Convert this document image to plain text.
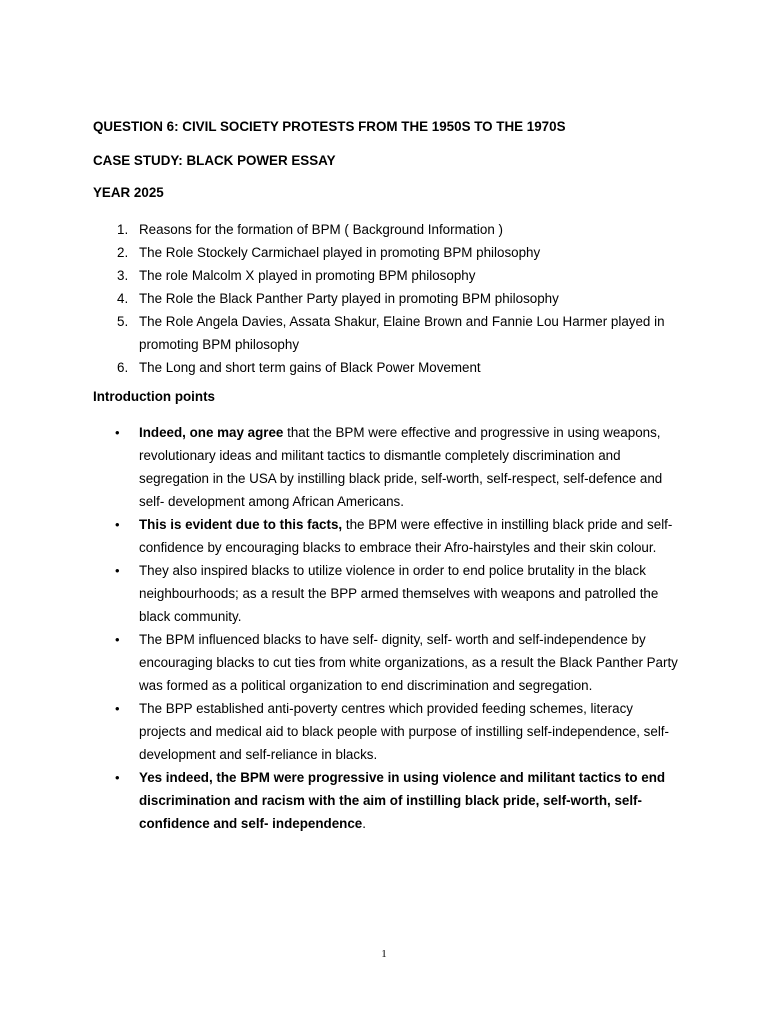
QUESTION 6: CIVIL SOCIETY PROTESTS FROM THE 1950S TO THE 1970S

CASE STUDY: BLACK POWER ESSAY

YEAR 2025

1. Reasons for the formation of BPM ( Background Information )
2. The Role Stockely Carmichael played in promoting BPM philosophy
3. The role Malcolm X played in promoting BPM philosophy
4. The Role the Black Panther Party played in promoting BPM philosophy
5. The Role Angela Davies, Assata Shakur, Elaine Brown and Fannie Lou Harmer played in promoting BPM philosophy
6. The Long and short term gains of Black Power Movement

Introduction points

• Indeed, one may agree that the BPM were effective and progressive in using weapons, revolutionary ideas and militant tactics to dismantle completely discrimination and segregation in the USA by instilling black pride, self-worth, self-respect, self-defence and self- development among African Americans.
• This is evident due to this facts, the BPM were effective in instilling black pride and self- confidence by encouraging blacks to embrace their Afro-hairstyles and their skin colour.
• They also inspired blacks to utilize violence in order to end police brutality in the black neighbourhoods; as a result the BPP armed themselves with weapons and patrolled the black community.
• The BPM influenced blacks to have self- dignity, self- worth and self-independence by encouraging blacks to cut ties from white organizations, as a result the Black Panther Party was formed as a political organization to end discrimination and segregation.
• The BPP established anti-poverty centres which provided feeding schemes, literacy projects and medical aid to black people with purpose of instilling self-independence, self-development and self-reliance in blacks.
• Yes indeed, the BPM were progressive in using violence and militant tactics to end discrimination and racism with the aim of instilling black pride, self-worth, self- confidence and self- independence.
1
